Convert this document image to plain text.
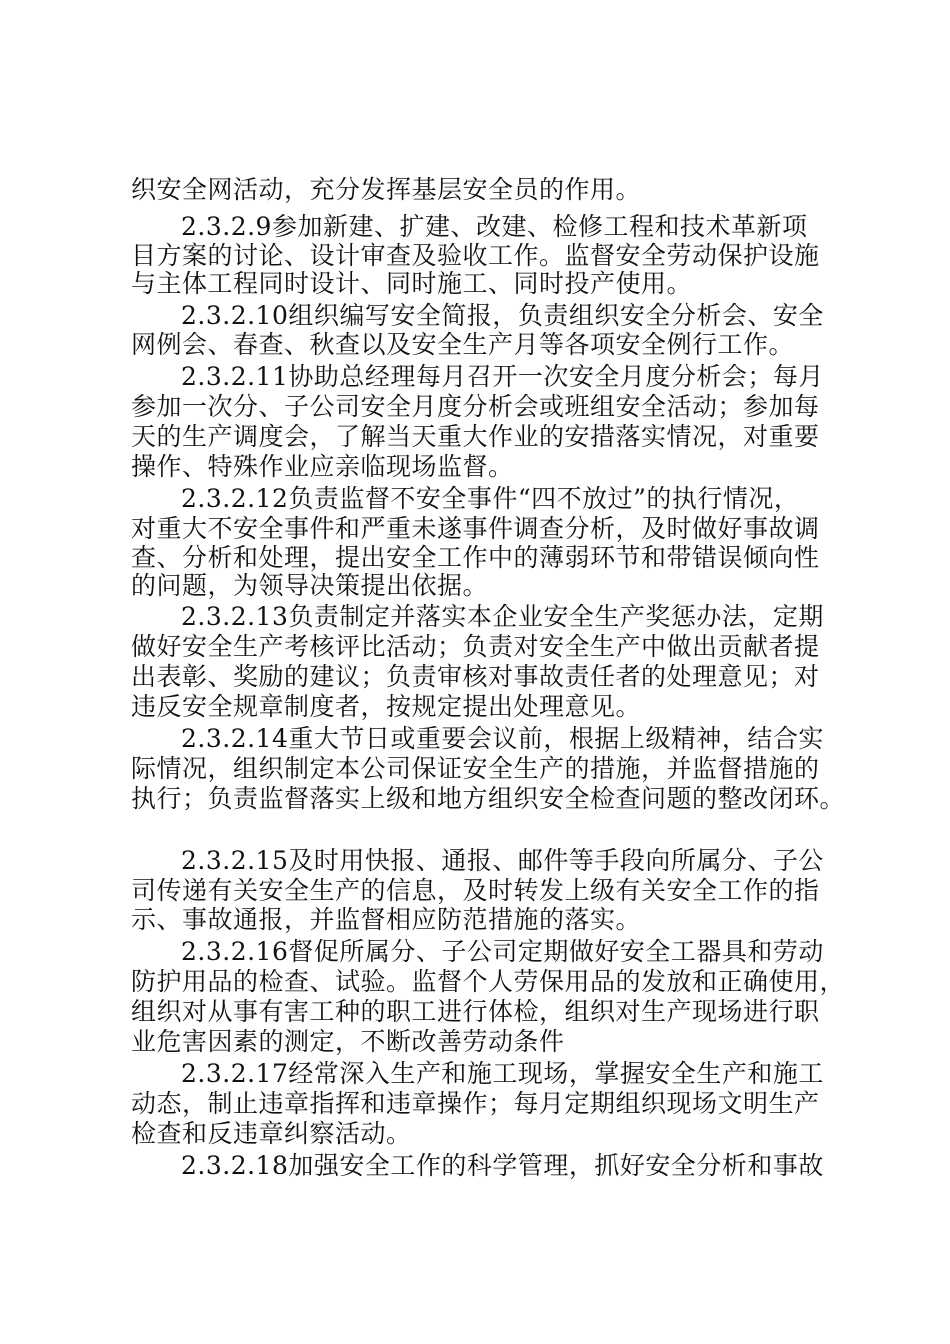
织安全网活动，充分发挥基层安全员的作用。
2.3.2.9参加新建、扩建、改建、检修工程和技术革新项
目方案的讨论、设计审查及验收工作。监督安全劳动保护设施
与主体工程同时设计、同时施工、同时投产使用。
2.3.2.10组织编写安全简报，负责组织安全分析会、安全
网例会、春查、秋查以及安全生产月等各项安全例行工作。
2.3.2.11协助总经理每月召开一次安全月度分析会；每月
参加一次分、子公司安全月度分析会或班组安全活动；参加每
天的生产调度会，了解当天重大作业的安措落实情况，对重要
操作、特殊作业应亲临现场监督。
2.3.2.12负责监督不安全事件“四不放过”的执行情况，
对重大不安全事件和严重未遂事件调查分析，及时做好事故调
查、分析和处理，提出安全工作中的薄弱环节和带错误倾向性
的问题，为领导决策提出依据。
2.3.2.13负责制定并落实本企业安全生产奖惩办法，定期
做好安全生产考核评比活动；负责对安全生产中做出贡献者提
出表彰、奖励的建议；负责审核对事故责任者的处理意见；对
违反安全规章制度者，按规定提出处理意见。
2.3.2.14重大节日或重要会议前，根据上级精神，结合实
际情况，组织制定本公司保证安全生产的措施，并监督措施的
执行；负责监督落实上级和地方组织安全检查问题的整改闭环。
2.3.2.15及时用快报、通报、邮件等手段向所属分、子公
司传递有关安全生产的信息，及时转发上级有关安全工作的指
示、事故通报，并监督相应防范措施的落实。
2.3.2.16督促所属分、子公司定期做好安全工器具和劳动
防护用品的检查、试验。监督个人劳保用品的发放和正确使用，
组织对从事有害工种的职工进行体检，组织对生产现场进行职
业危害因素的测定，不断改善劳动条件
2.3.2.17经常深入生产和施工现场，掌握安全生产和施工
动态，制止违章指挥和违章操作；每月定期组织现场文明生产
检查和反违章纠察活动。
2.3.2.18加强安全工作的科学管理，抓好安全分析和事故
